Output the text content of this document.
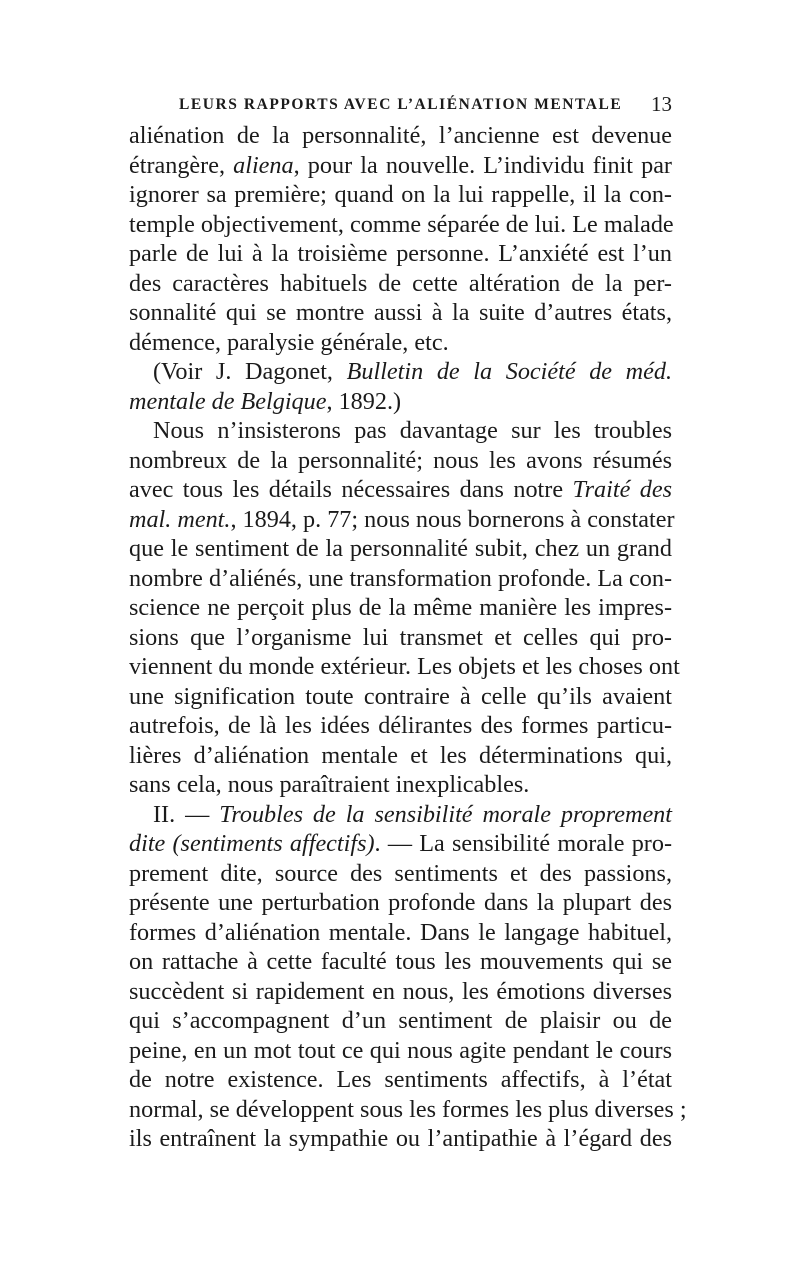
LEURS RAPPORTS AVEC L’ALIÉNATION MENTALE 13
aliénation de la personnalité, l’ancienne est devenue
étrangère, aliena, pour la nouvelle. L’individu finit par
ignorer sa première; quand on la lui rappelle, il la con-
temple objectivement, comme séparée de lui. Le malade
parle de lui à la troisième personne. L’anxiété est l’un
des caractères habituels de cette altération de la per-
sonnalité qui se montre aussi à la suite d’autres états,
démence, paralysie générale, etc.
(Voir J. Dagonet, Bulletin de la Société de méd.
mentale de Belgique, 1892.)
Nous n’insisterons pas davantage sur les troubles
nombreux de la personnalité; nous les avons résumés
avec tous les détails nécessaires dans notre Traité des
mal. ment., 1894, p. 77; nous nous bornerons à constater
que le sentiment de la personnalité subit, chez un grand
nombre d’aliénés, une transformation profonde. La con-
science ne perçoit plus de la même manière les impres-
sions que l’organisme lui transmet et celles qui pro-
viennent du monde extérieur. Les objets et les choses ont
une signification toute contraire à celle qu’ils avaient
autrefois, de là les idées délirantes des formes particu-
lières d’aliénation mentale et les déterminations qui,
sans cela, nous paraîtraient inexplicables.
II. — Troubles de la sensibilité morale proprement
dite (sentiments affectifs). — La sensibilité morale pro-
prement dite, source des sentiments et des passions,
présente une perturbation profonde dans la plupart des
formes d’aliénation mentale. Dans le langage habituel,
on rattache à cette faculté tous les mouvements qui se
succèdent si rapidement en nous, les émotions diverses
qui s’accompagnent d’un sentiment de plaisir ou de
peine, en un mot tout ce qui nous agite pendant le cours
de notre existence. Les sentiments affectifs, à l’état
normal, se développent sous les formes les plus diverses ;
ils entraînent la sympathie ou l’antipathie à l’égard des
